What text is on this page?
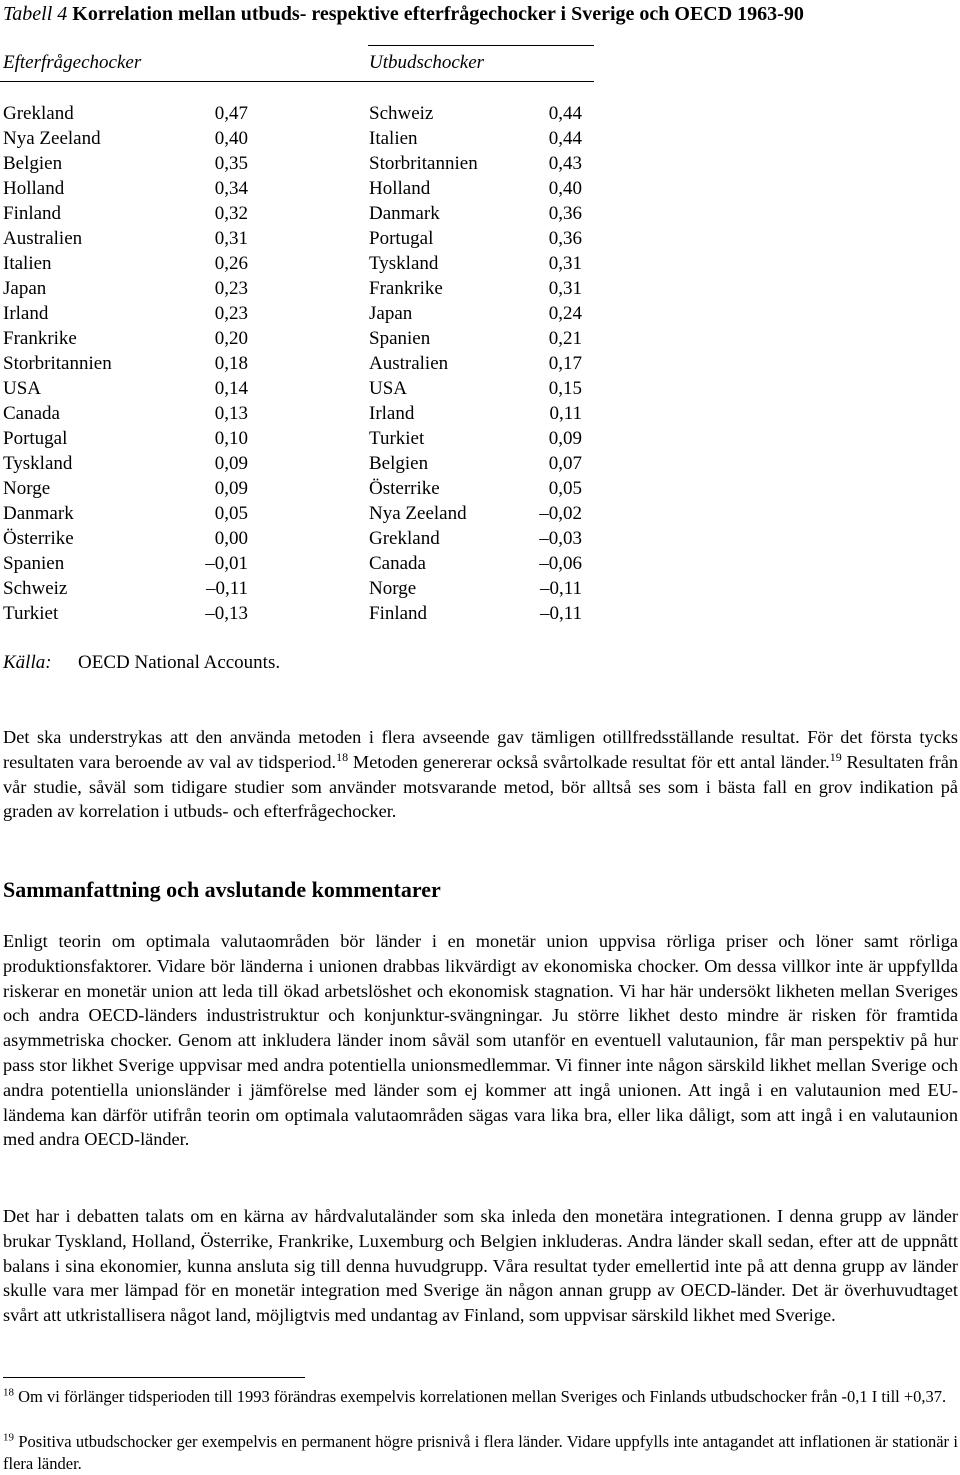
Tabell 4 Korrelation mellan utbuds- respektive efterfrågechocker i Sverige och OECD 1963-90
Efterfrågechocker	Utbudschocker
Grekland	0,47	Schweiz	0,44
Nya Zeeland	0,40	Italien	0,44
Belgien	0,35	Storbritannien	0,43
Holland	0,34	Holland	0,40
Finland	0,32	Danmark	0,36
Australien	0,31	Portugal	0,36
Italien	0,26	Tyskland	0,31
Japan	0,23	Frankrike	0,31
Irland	0,23	Japan	0,24
Frankrike	0,20	Spanien	0,21
Storbritannien	0,18	Australien	0,17
USA	0,14	USA	0,15
Canada	0,13	Irland	0,11
Portugal	0,10	Turkiet	0,09
Tyskland	0,09	Belgien	0,07
Norge	0,09	Österrike	0,05
Danmark	0,05	Nya Zeeland	–0,02
Österrike	0,00	Grekland	–0,03
Spanien	–0,01	Canada	–0,06
Schweiz	–0,11	Norge	–0,11
Turkiet	–0,13	Finland	–0,11
Källa: OECD National Accounts.
Det ska understrykas att den använda metoden i flera avseende gav tämligen otillfredsställande resultat. För det första tycks resultaten vara beroende av val av tidsperiod.$^{18}$ Metoden genererar också svårtolkade resultat för ett antal länder.$^{19}$ Resultaten från vår studie, såväl som tidigare studier som använder motsvarande metod, bör alltså ses som i bästa fall en grov indikation på graden av korrelation i utbuds- och efterfrågechocker.
Sammanfattning och avslutande kommentarer
Enligt teorin om optimala valutaområden bör länder i en monetär union uppvisa rörliga priser och löner samt rörliga produktionsfaktorer. Vidare bör länderna i unionen drabbas likvärdigt av ekonomiska chocker. Om dessa villkor inte är uppfyllda riskerar en monetär union att leda till ökad arbetslöshet och ekonomisk stagnation. Vi har här undersökt likheten mellan Sveriges och andra OECD-länders industristruktur och konjunktur-svängningar. Ju större likhet desto mindre är risken för framtida asymmetriska chocker. Genom att inkludera länder inom såväl som utanför en eventuell valutaunion, får man perspektiv på hur pass stor likhet Sverige uppvisar med andra potentiella unionsmedlemmar. Vi finner inte någon särskild likhet mellan Sverige och andra potentiella unionsländer i jämförelse med länder som ej kommer att ingå unionen. Att ingå i en valutaunion med EU-ländema kan därför utifrån teorin om optimala valutaområden sägas vara lika bra, eller lika dåligt, som att ingå i en valutaunion med andra OECD-länder.
Det har i debatten talats om en kärna av hårdvalutaländer som ska inleda den monetära integrationen. I denna grupp av länder brukar Tyskland, Holland, Österrike, Frankrike, Luxemburg och Belgien inkluderas. Andra länder skall sedan, efter att de uppnått balans i sina ekonomier, kunna ansluta sig till denna huvudgrupp. Våra resultat tyder emellertid inte på att denna grupp av länder skulle vara mer lämpad för en monetär integration med Sverige än någon annan grupp av OECD-länder. Det är överhuvudtaget svårt att utkristallisera något land, möjligtvis med undantag av Finland, som uppvisar särskild likhet med Sverige.
$^{18}$ Om vi förlänger tidsperioden till 1993 förändras exempelvis korrelationen mellan Sveriges och Finlands utbudschocker från -0,1 I till +0,37.
$^{19}$ Positiva utbudschocker ger exempelvis en permanent högre prisnivå i flera länder. Vidare uppfylls inte antagandet att inflationen är stationär i flera länder.
